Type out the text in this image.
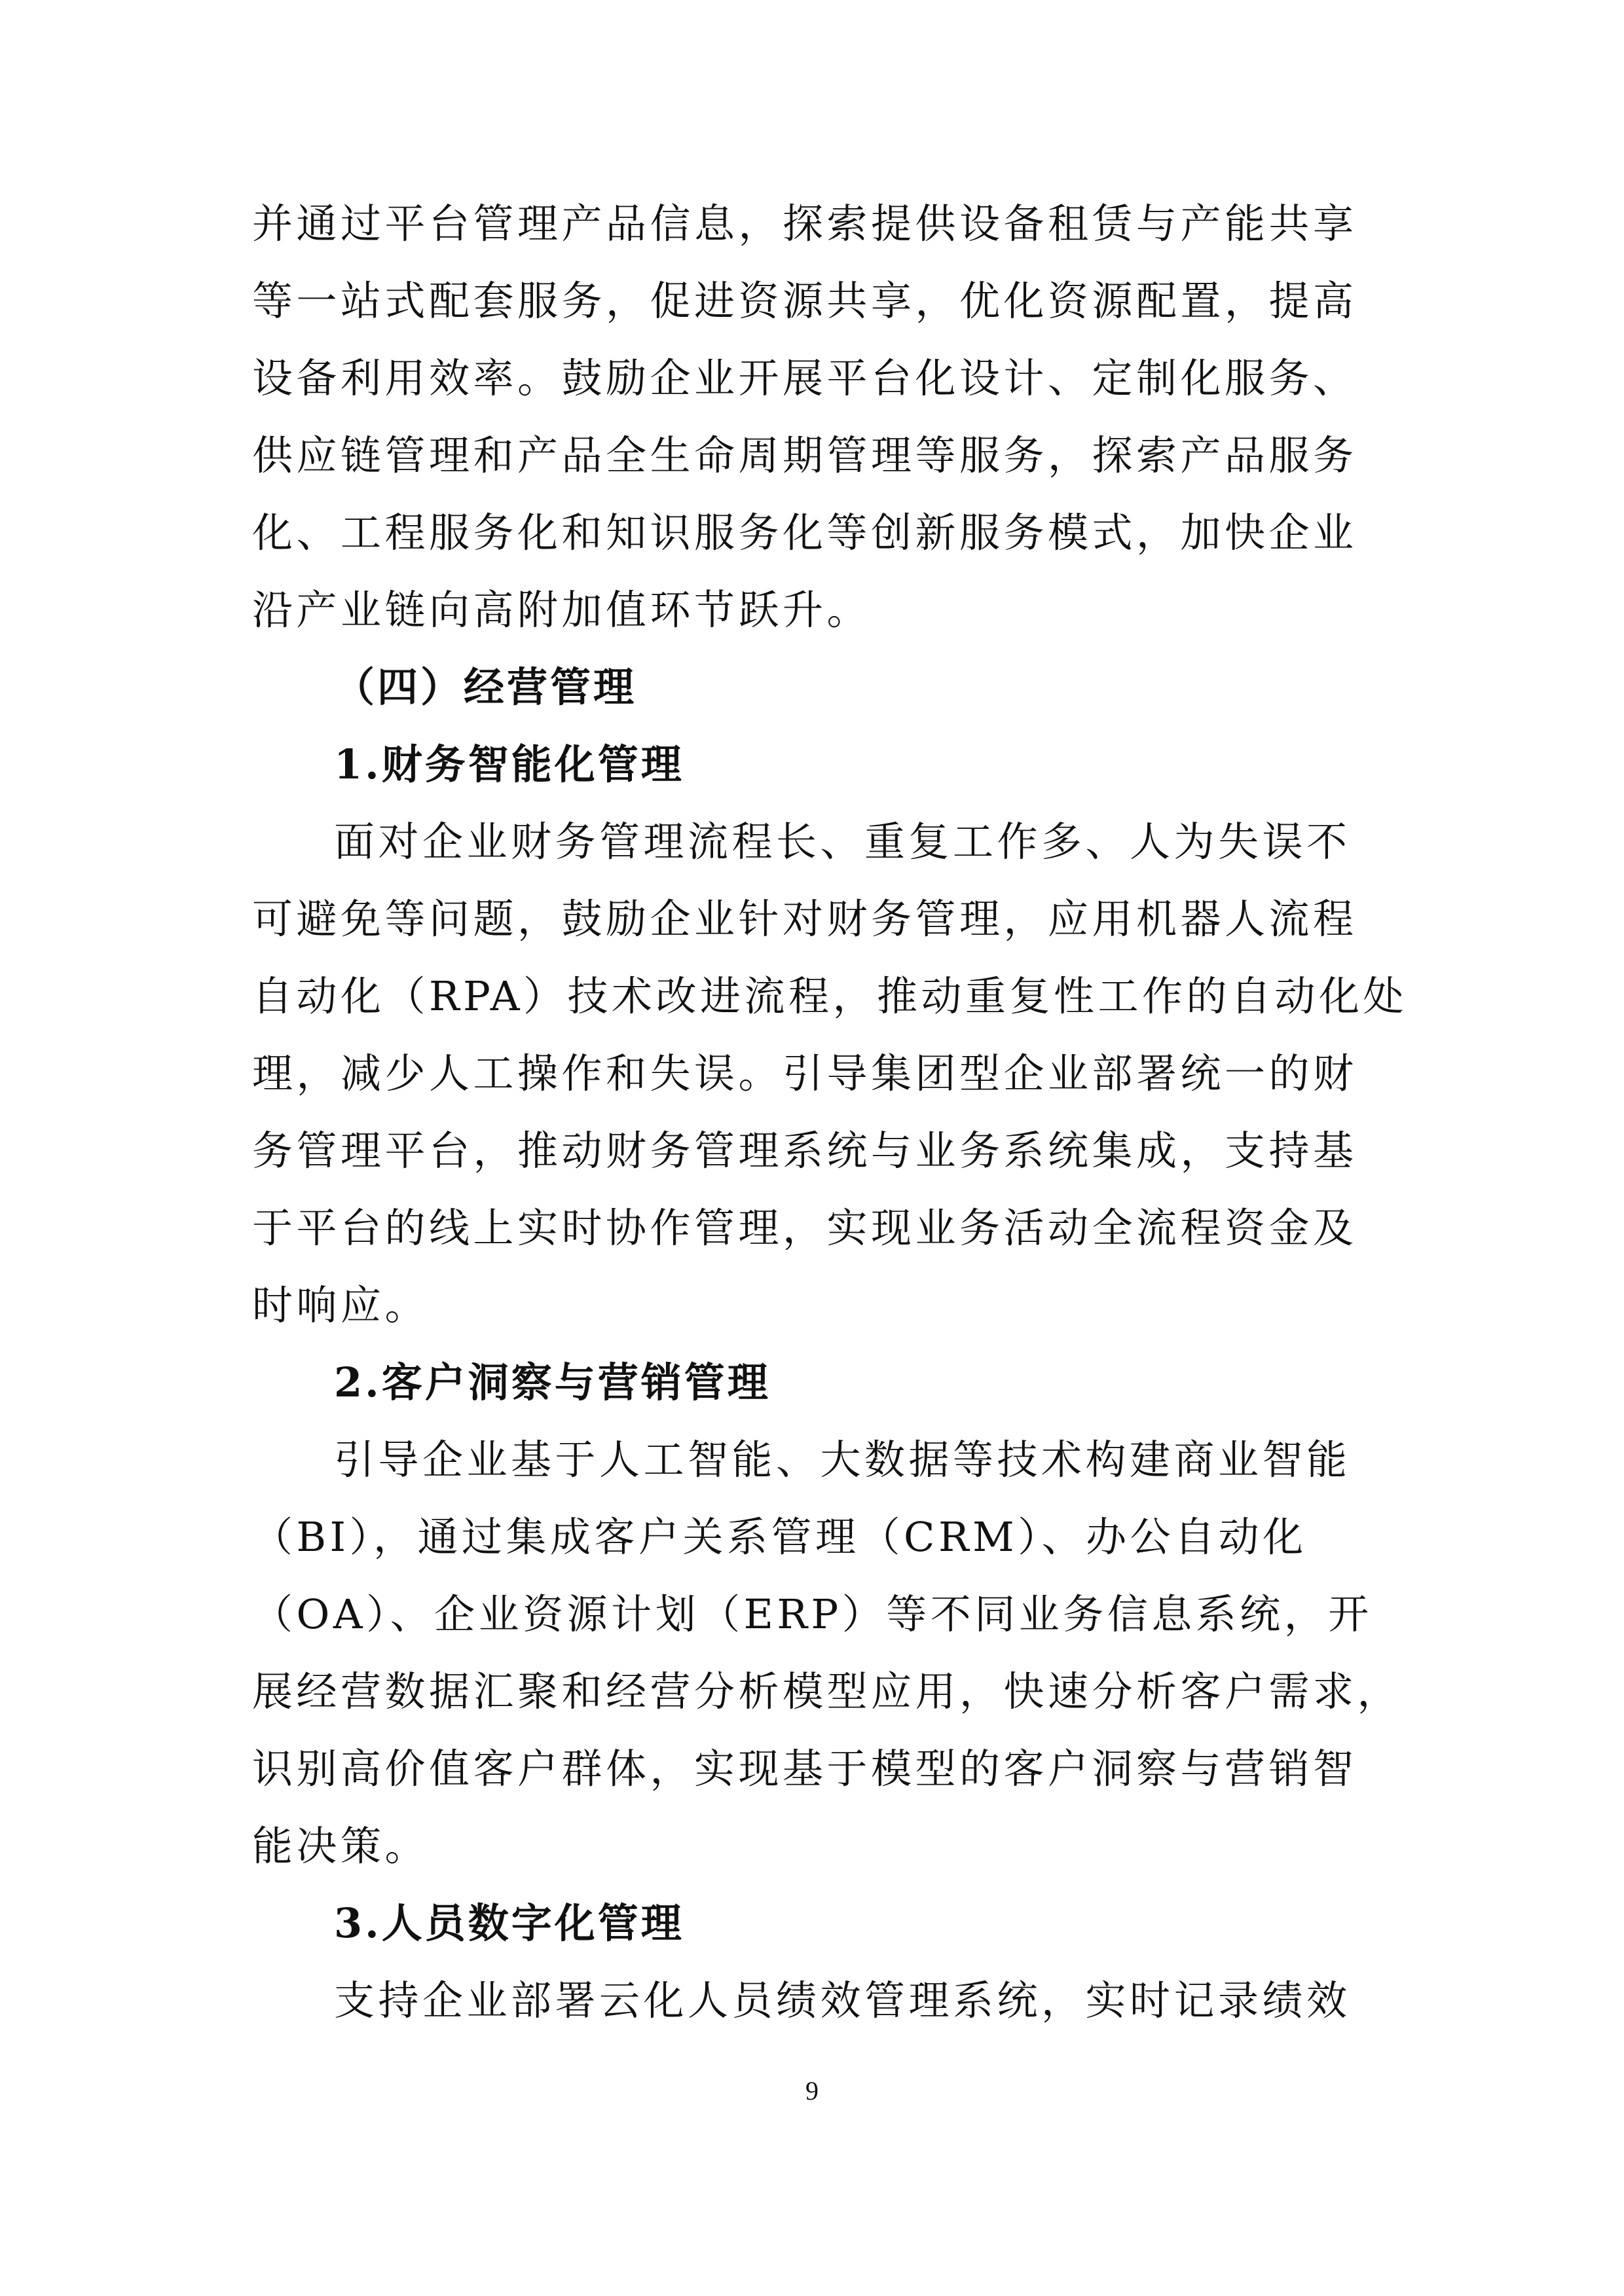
并通过平台管理产品信息，探索提供设备租赁与产能共享
等一站式配套服务，促进资源共享，优化资源配置，提高
设备利用效率。鼓励企业开展平台化设计、定制化服务、
供应链管理和产品全生命周期管理等服务，探索产品服务
化、工程服务化和知识服务化等创新服务模式，加快企业
沿产业链向高附加值环节跃升。
（四）经营管理
1.财务智能化管理
面对企业财务管理流程长、重复工作多、人为失误不
可避免等问题，鼓励企业针对财务管理，应用机器人流程
自动化（RPA）技术改进流程，推动重复性工作的自动化处
理，减少人工操作和失误。引导集团型企业部署统一的财
务管理平台，推动财务管理系统与业务系统集成，支持基
于平台的线上实时协作管理，实现业务活动全流程资金及
时响应。
2.客户洞察与营销管理
引导企业基于人工智能、大数据等技术构建商业智能
（BI），通过集成客户关系管理（CRM）、办公自动化
（OA）、企业资源计划（ERP）等不同业务信息系统，开
展经营数据汇聚和经营分析模型应用，快速分析客户需求，
识别高价值客户群体，实现基于模型的客户洞察与营销智
能决策。
3.人员数字化管理
支持企业部署云化人员绩效管理系统，实时记录绩效
9
